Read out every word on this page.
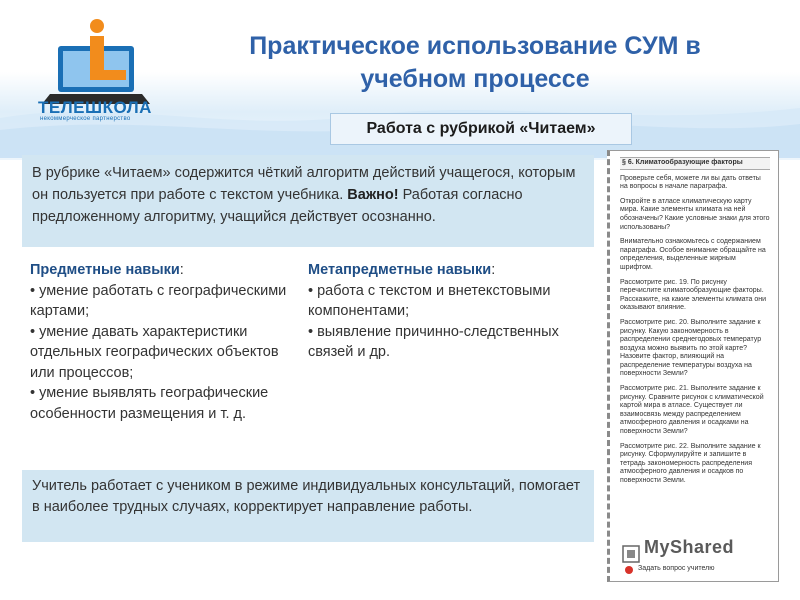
ТЕЛЕШКОЛА
некоммерческое партнерство
Практическое использование СУМ в
учебном процессе
Работа с рубрикой «Читаем»
В рубрике «Читаем» содержится чёткий алгоритм действий учащегося, которым он пользуется при работе с текстом учебника. Важно! Работая согласно предложенному алгоритму, учащийся действует осознанно.
Предметные навыки:
• умение работать с географическими картами;
• умение давать характеристики отдельных географических объектов или процессов;
• умение выявлять географические особенности размещения и т. д.
Метапредметные навыки:
• работа с текстом и внетекстовыми компонентами;
• выявление причинно-следственных связей и др.
Учитель работает с учеником в режиме индивидуальных консультаций, помогает в наиболее трудных случаях, корректирует направление работы.
§ 6. Климатообразующие факторы

Проверьте себя, можете ли вы дать ответы на вопросы в начале параграфа.

Откройте в атласе климатическую карту мира. Какие элементы климата на ней обозначены? Какие условные знаки для этого использованы?

Внимательно ознакомьтесь с содержанием параграфа. Особое внимание обращайте на определения, выделенные жирным шрифтом.

Рассмотрите рис. 19. По рисунку перечислите климатообразующие факторы. Расскажите, на какие элементы климата они оказывают влияние.

Рассмотрите рис. 20. Выполните задание к рисунку. Какую закономерность в распределении среднегодовых температур воздуха можно выявить по этой карте? Назовите фактор, влияющий на распределение температуры воздуха на поверхности Земли?

Рассмотрите рис. 21. Выполните задание к рисунку. Сравните рисунок с климатической картой мира в атласе. Существует ли взаимосвязь между распределением атмосферного давления и осадками на поверхности Земли?

Рассмотрите рис. 22. Выполните задание к рисунку. Сформулируйте и запишите в тетрадь закономерность распределения атмосферного давления и осадков по поверхности Земли.

MyShared
Задать вопрос учителю
